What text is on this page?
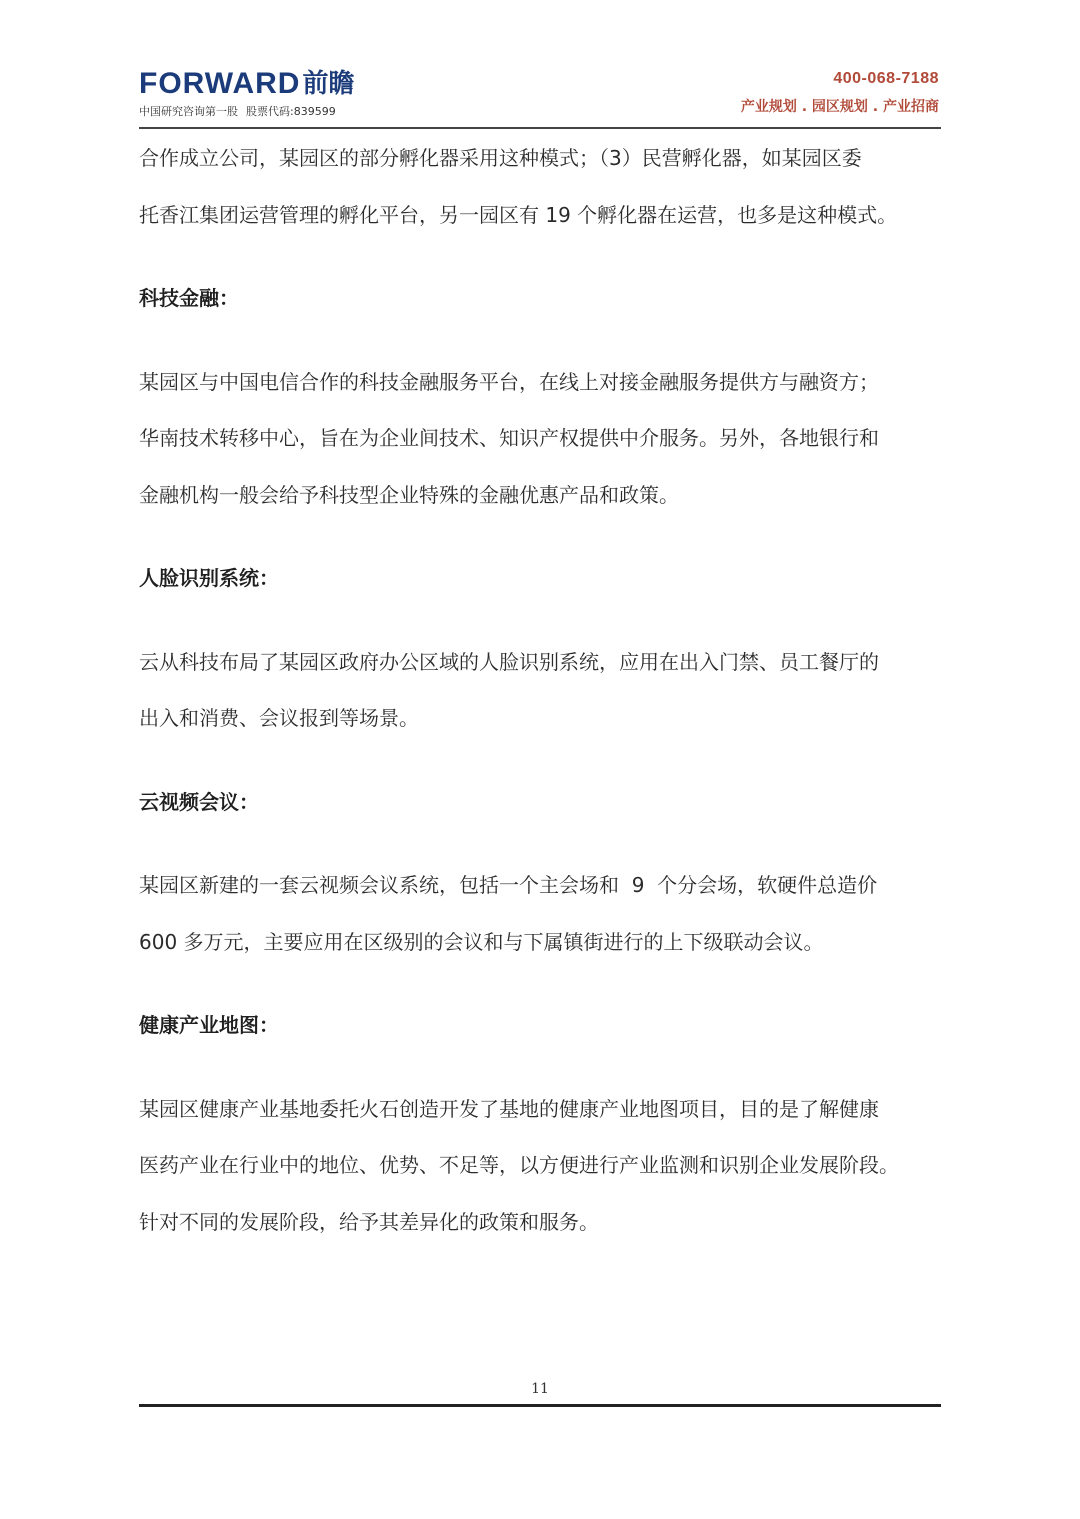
FORWARD 前瞻
中国研究咨询第一股 股票代码:839599
400-068-7188
产业规划 . 园区规划 . 产业招商

合作成立公司，某园区的部分孵化器采用这种模式；（3）民营孵化器，如某园区委

托香江集团运营管理的孵化平台，另一园区有 19 个孵化器在运营，也多是这种模式。

科技金融：

某园区与中国电信合作的科技金融服务平台，在线上对接金融服务提供方与融资方；

华南技术转移中心，旨在为企业间技术、知识产权提供中介服务。另外，各地银行和

金融机构一般会给予科技型企业特殊的金融优惠产品和政策。

人脸识别系统：

云从科技布局了某园区政府办公区域的人脸识别系统，应用在出入门禁、员工餐厅的

出入和消费、会议报到等场景。

云视频会议：

某园区新建的一套云视频会议系统，包括一个主会场和  9  个分会场，软硬件总造价

600 多万元，主要应用在区级别的会议和与下属镇街进行的上下级联动会议。

健康产业地图：

某园区健康产业基地委托火石创造开发了基地的健康产业地图项目，目的是了解健康

医药产业在行业中的地位、优势、不足等，以方便进行产业监测和识别企业发展阶段。

针对不同的发展阶段，给予其差异化的政策和服务。

11
